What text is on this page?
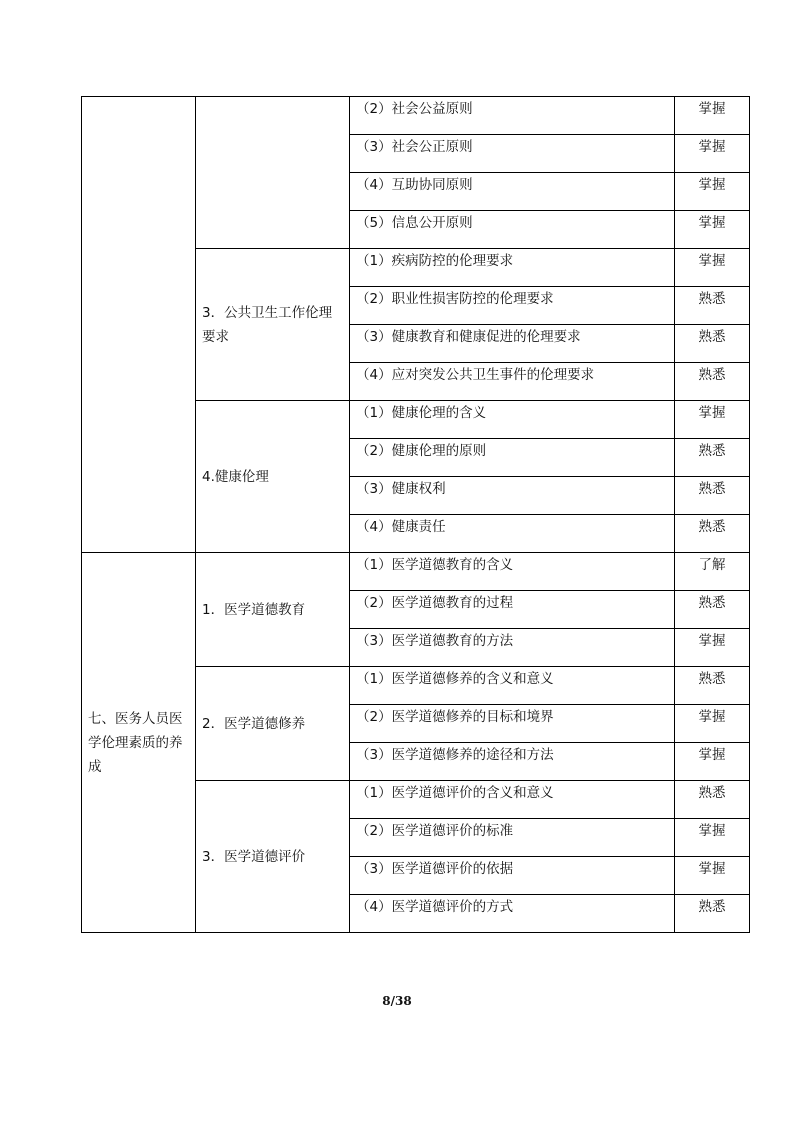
		（2）社会公益原则	掌握
		（3）社会公正原则	掌握
		（4）互助协同原则	掌握
		（5）信息公开原则	掌握
	3．公共卫生工作伦理要求	（1）疾病防控的伦理要求	掌握
		（2）职业性损害防控的伦理要求	熟悉
		（3）健康教育和健康促进的伦理要求	熟悉
		（4）应对突发公共卫生事件的伦理要求	熟悉
	4.健康伦理	（1）健康伦理的含义	掌握
		（2）健康伦理的原则	熟悉
		（3）健康权利	熟悉
		（4）健康责任	熟悉
七、医务人员医学伦理素质的养成	1．医学道德教育	（1）医学道德教育的含义	了解
		（2）医学道德教育的过程	熟悉
		（3）医学道德教育的方法	掌握
	2．医学道德修养	（1）医学道德修养的含义和意义	熟悉
		（2）医学道德修养的目标和境界	掌握
		（3）医学道德修养的途径和方法	掌握
	3．医学道德评价	（1）医学道德评价的含义和意义	熟悉
		（2）医学道德评价的标准	掌握
		（3）医学道德评价的依据	掌握
		（4）医学道德评价的方式	熟悉
8/38
